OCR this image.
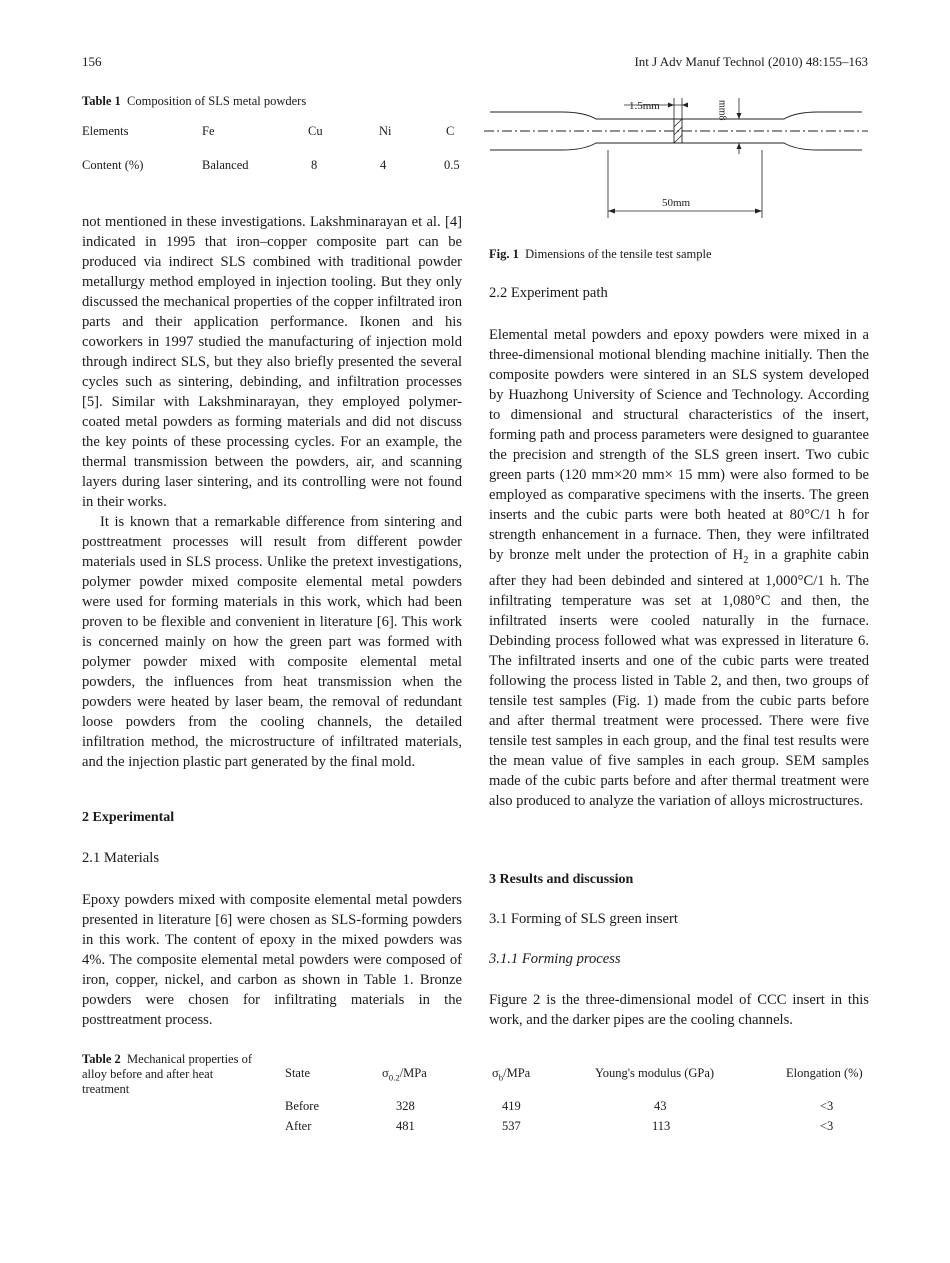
156	Int J Adv Manuf Technol (2010) 48:155–163
Table 1 Composition of SLS metal powders
Elements	Fe	Cu	Ni	C
Content (%)	Balanced	8	4	0.5
1.5mm	mm8
50mm
Fig. 1 Dimensions of the tensile test sample

not mentioned in these investigations. Lakshminarayan et al. [4] indicated in 1995 that iron–copper composite part can be produced via indirect SLS combined with traditional powder metallurgy method employed in injection tooling. But they only discussed the mechanical properties of the copper infiltrated iron parts and their application performance. Ikonen and his coworkers in 1997 studied the manufacturing of injection mold through indirect SLS, but they also briefly presented the several cycles such as sintering, debinding, and infiltration processes [5]. Similar with Lakshminarayan, they employed polymer-coated metal powders as forming materials and did not discuss the key points of these processing cycles. For an example, the thermal transmission between the powders, air, and scanning layers during laser sintering, and its controlling were not found in their works.

It is known that a remarkable difference from sintering and posttreatment processes will result from different powder materials used in SLS process. Unlike the pretext investigations, polymer powder mixed composite elemental metal powders were used for forming materials in this work, which had been proven to be flexible and convenient in literature [6]. This work is concerned mainly on how the green part was formed with polymer powder mixed with composite elemental metal powders, the influences from heat transmission when the powders were heated by laser beam, the removal of redundant loose powders from the cooling channels, the detailed infiltration method, the microstructure of infiltrated materials, and the injection plastic part generated by the final mold.

2 Experimental
2.1 Materials

Epoxy powders mixed with composite elemental metal powders presented in literature [6] were chosen as SLS-forming powders in this work. The content of epoxy in the mixed powders was 4%. The composite elemental metal powders were composed of iron, copper, nickel, and carbon as shown in Table 1. Bronze powders were chosen for infiltrating materials in the posttreatment process.

2.2 Experiment path

Elemental metal powders and epoxy powders were mixed in a three-dimensional motional blending machine initially. Then the composite powders were sintered in an SLS system developed by Huazhong University of Science and Technology. According to dimensional and structural characteristics of the insert, forming path and process parameters were designed to guarantee the precision and strength of the SLS green insert. Two cubic green parts (120 mm×20 mm× 15 mm) were also formed to be employed as comparative specimens with the inserts. The green inserts and the cubic parts were both heated at 80°C/1 h for strength enhancement in a furnace. Then, they were infiltrated by bronze melt under the protection of $H_2$ in a graphite cabin after they had been debinded and sintered at 1,000°C/1 h. The infiltrating temperature was set at 1,080°C and then, the infiltrated inserts were cooled naturally in the furnace. Debinding process followed what was expressed in literature 6. The infiltrated inserts and one of the cubic parts were treated following the process listed in Table 2, and then, two groups of tensile test samples (Fig. 1) made from the cubic parts before and after thermal treatment were processed. There were five tensile test samples in each group, and the final test results were the mean value of five samples in each group. SEM samples made of the cubic parts before and after thermal treatment were also produced to analyze the variation of alloys microstructures.

3 Results and discussion
3.1 Forming of SLS green insert
3.1.1 Forming process

Figure 2 is the three-dimensional model of CCC insert in this work, and the darker pipes are the cooling channels.

Table 2 Mechanical properties of alloy before and after heat treatment
State	$\sigma_{0.2}$/MPa	$\sigma_b$/MPa	Young's modulus (GPa)	Elongation (%)
Before	328	419	43	<3
After	481	537	113	<3
